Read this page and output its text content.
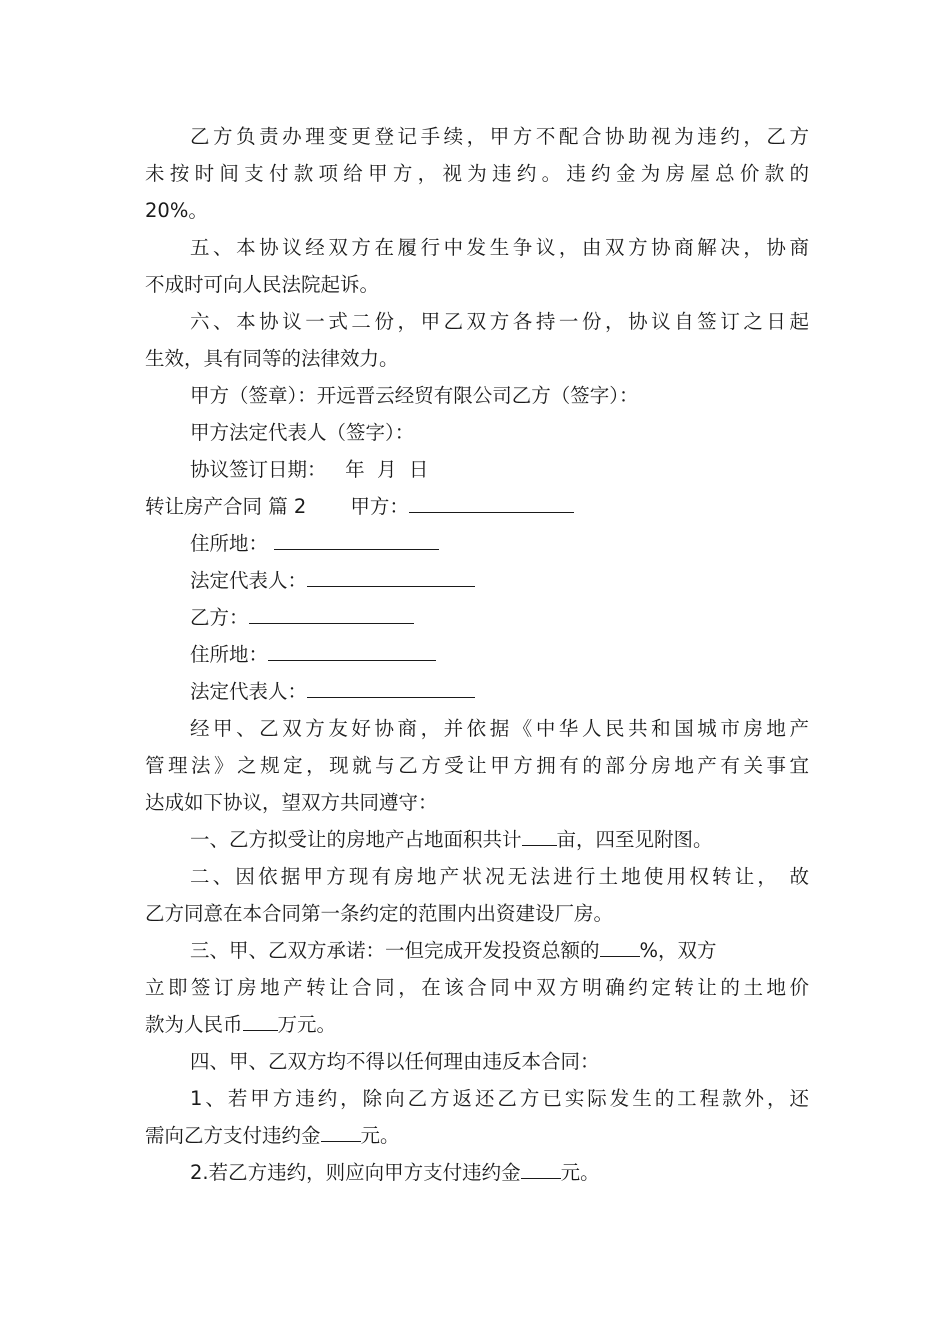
乙方负责办理变更登记手续，甲方不配合协助视为违约，乙方

未按时间支付款项给甲方，视为违约。违约金为房屋总价款的

20%。

五、本协议经双方在履行中发生争议，由双方协商解决，协商

不成时可向人民法院起诉。

六、本协议一式二份，甲乙双方各持一份，协议自签订之日起

生效，具有同等的法律效力。

甲方（签章）：开远晋云经贸有限公司乙方（签字）：

甲方法定代表人（签字）：

协议签订日期：   年  月  日

转让房产合同 篇 2 甲方：

住所地：

法定代表人：

乙方：

住所地：

法定代表人：

经甲、乙双方友好协商，并依据《中华人民共和国城市房地产

管理法》之规定，现就与乙方受让甲方拥有的部分房地产有关事宜

达成如下协议，望双方共同遵守：

一、乙方拟受让的房地产占地面积共计 亩，四至见附图。

二、因依据甲方现有房地产状况无法进行土地使用权转让， 故

乙方同意在本合同第一条约定的范围内出资建设厂房。

三、甲、乙双方承诺：一但完成开发投资总额的 %，双方

立即签订房地产转让合同，在该合同中双方明确约定转让的土地价

款为人民币 万元。

四、甲、乙双方均不得以任何理由违反本合同：

1、若甲方违约，除向乙方返还乙方已实际发生的工程款外，还

需向乙方支付违约金 元。

2.若乙方违约，则应向甲方支付违约金 元。
